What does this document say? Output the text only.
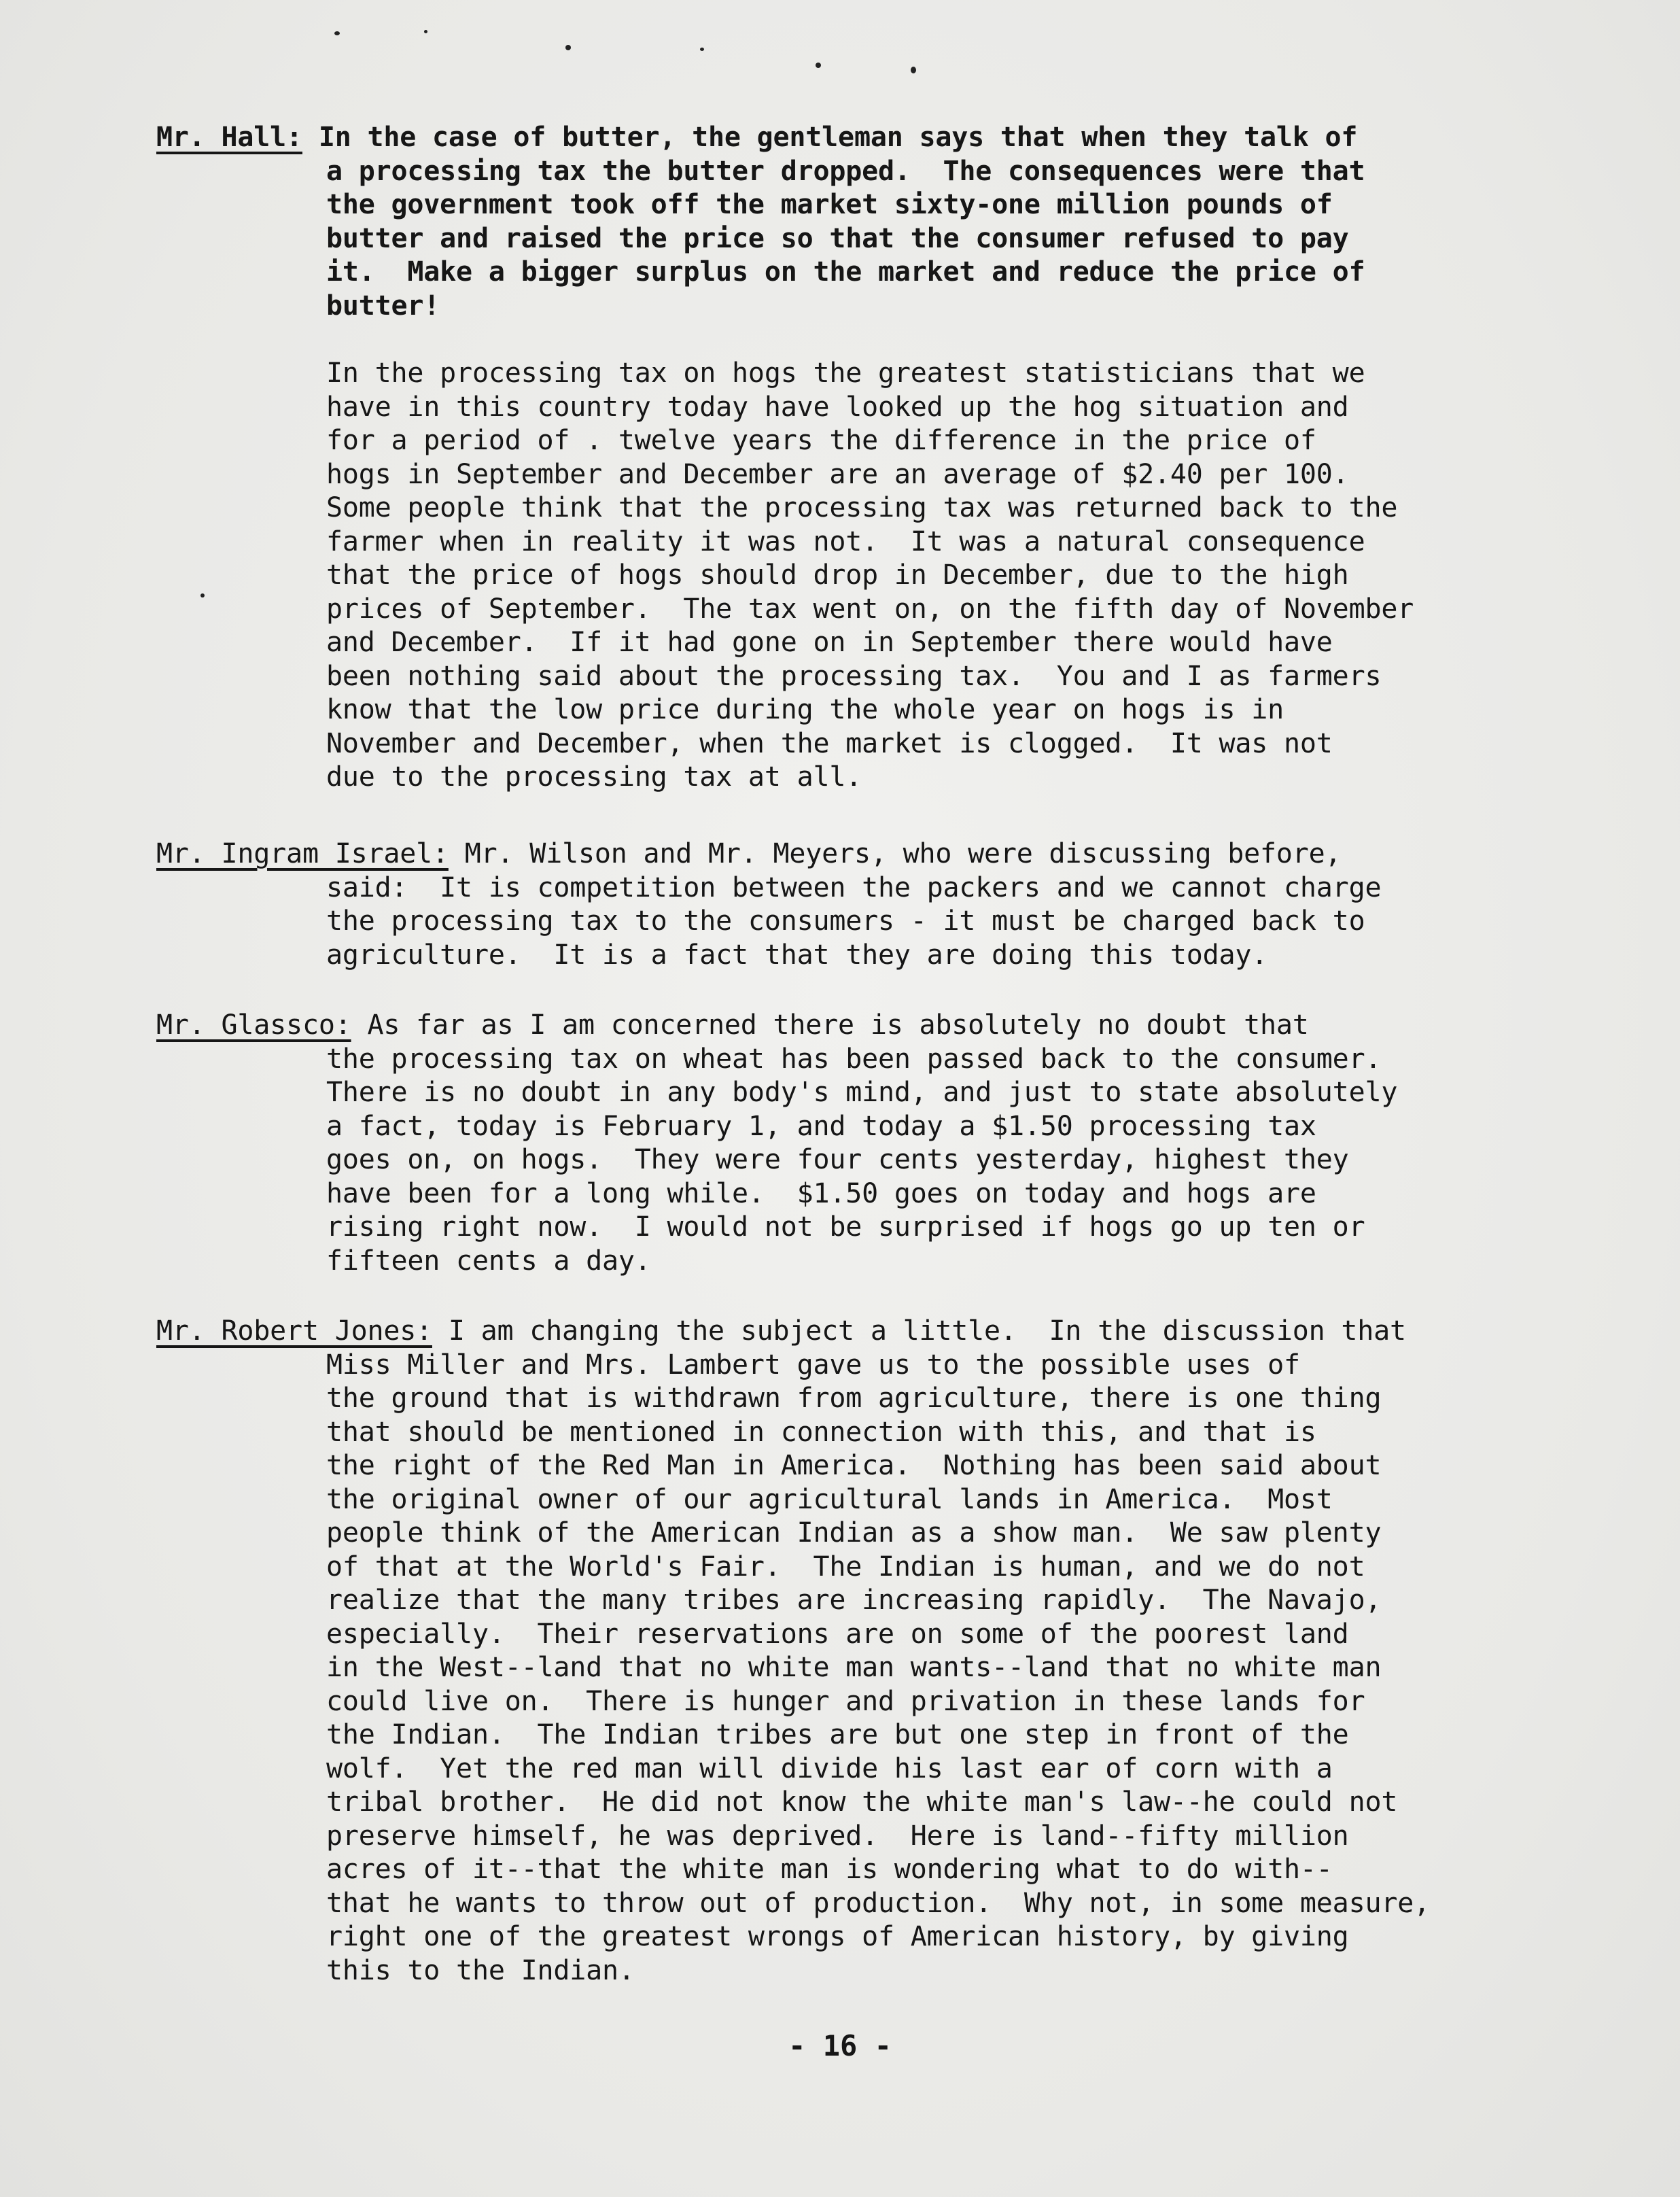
Mr. Hall: In the case of butter, the gentleman says that when they talk of
a processing tax the butter dropped.  The consequences were that
the government took off the market sixty-one million pounds of
butter and raised the price so that the consumer refused to pay
it.  Make a bigger surplus on the market and reduce the price of
butter!
In the processing tax on hogs the greatest statisticians that we
have in this country today have looked up the hog situation and
for a period of . twelve years the difference in the price of
hogs in September and December are an average of $2.40 per 100.
Some people think that the processing tax was returned back to the
farmer when in reality it was not.  It was a natural consequence
that the price of hogs should drop in December, due to the high
prices of September.  The tax went on, on the fifth day of November
and December.  If it had gone on in September there would have
been nothing said about the processing tax.  You and I as farmers
know that the low price during the whole year on hogs is in
November and December, when the market is clogged.  It was not
due to the processing tax at all.
Mr. Ingram Israel: Mr. Wilson and Mr. Meyers, who were discussing before,
said:  It is competition between the packers and we cannot charge
the processing tax to the consumers - it must be charged back to
agriculture.  It is a fact that they are doing this today.
Mr. Glassco: As far as I am concerned there is absolutely no doubt that
the processing tax on wheat has been passed back to the consumer.
There is no doubt in any body's mind, and just to state absolutely
a fact, today is February 1, and today a $1.50 processing tax
goes on, on hogs.  They were four cents yesterday, highest they
have been for a long while.  $1.50 goes on today and hogs are
rising right now.  I would not be surprised if hogs go up ten or
fifteen cents a day.
Mr. Robert Jones: I am changing the subject a little.  In the discussion that
Miss Miller and Mrs. Lambert gave us to the possible uses of
the ground that is withdrawn from agriculture, there is one thing
that should be mentioned in connection with this, and that is
the right of the Red Man in America.  Nothing has been said about
the original owner of our agricultural lands in America.  Most
people think of the American Indian as a show man.  We saw plenty
of that at the World's Fair.  The Indian is human, and we do not
realize that the many tribes are increasing rapidly.  The Navajo,
especially.  Their reservations are on some of the poorest land
in the West--land that no white man wants--land that no white man
could live on.  There is hunger and privation in these lands for
the Indian.  The Indian tribes are but one step in front of the
wolf.  Yet the red man will divide his last ear of corn with a
tribal brother.  He did not know the white man's law--he could not
preserve himself, he was deprived.  Here is land--fifty million
acres of it--that the white man is wondering what to do with--
that he wants to throw out of production.  Why not, in some measure,
right one of the greatest wrongs of American history, by giving
this to the Indian.
- 16 -
